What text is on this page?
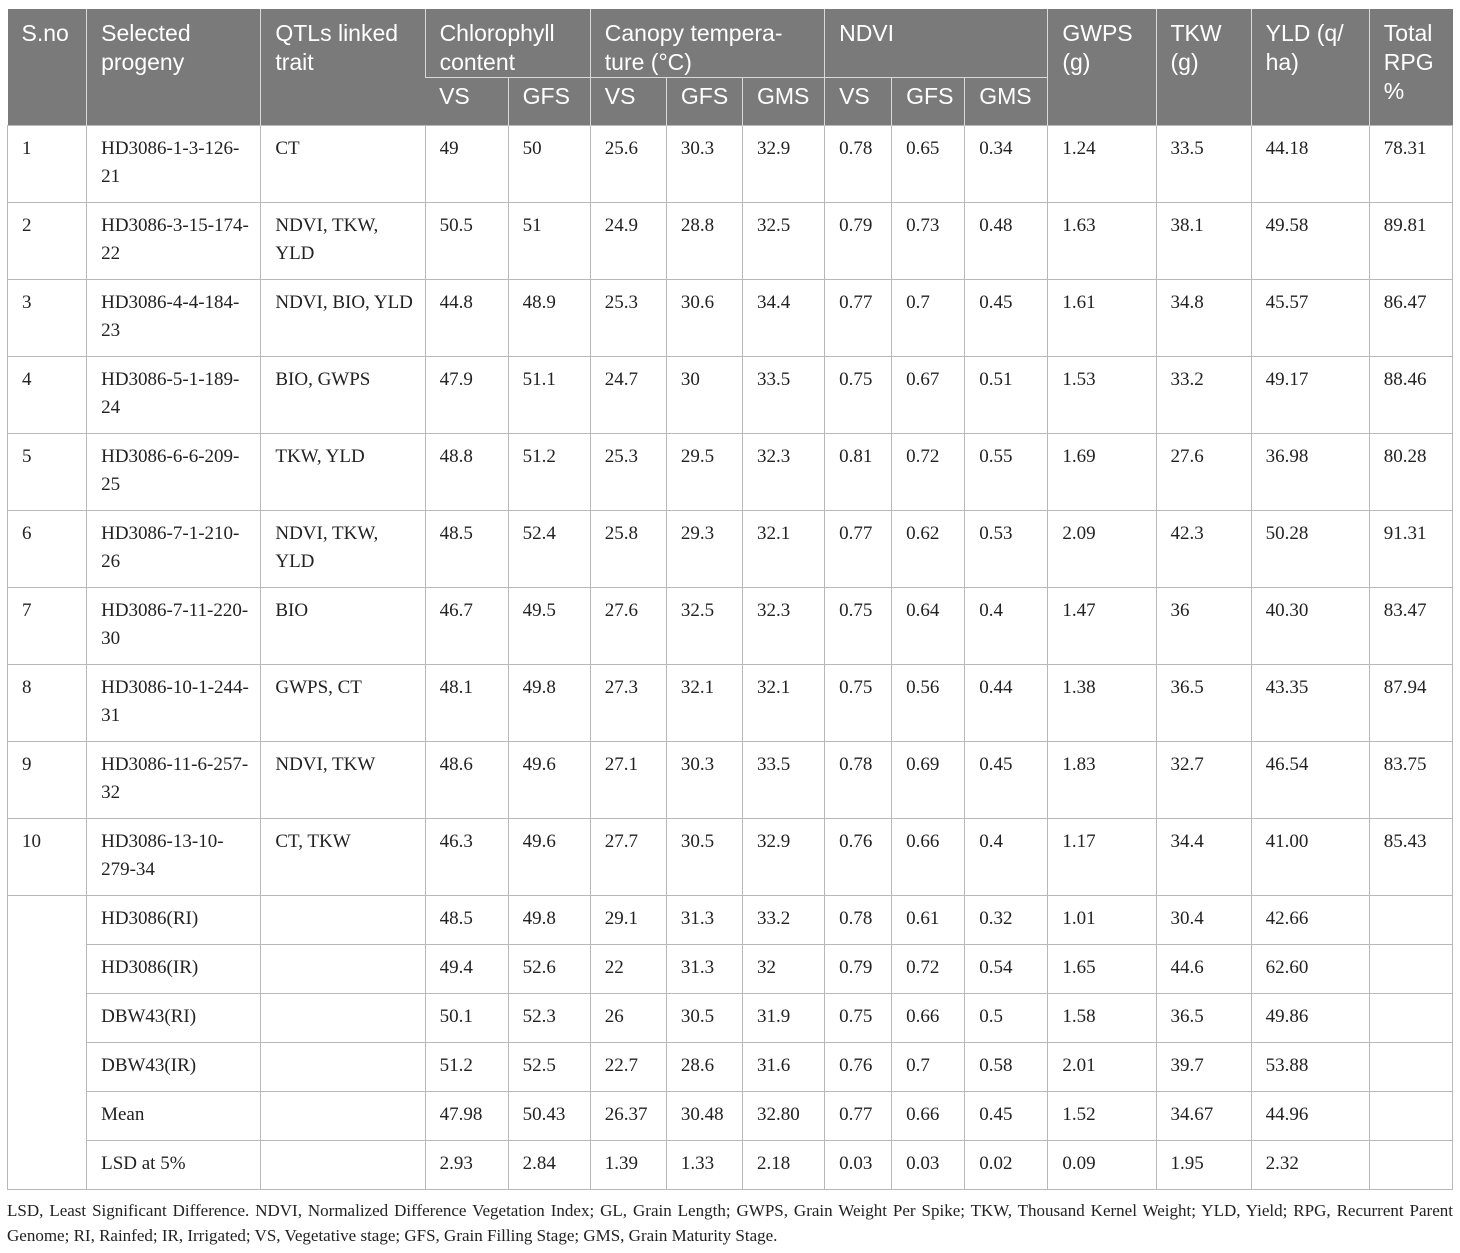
S.no	Selected progeny	QTLs linked trait	Chlorophyll content		Canopy tempera-ture (°C)			NDVI			GWPS (g)	TKW (g)	YLD (q/ ha)	Total RPG %
			VS	GFS	VS	GFS	GMS	VS	GFS	GMS				
1	HD3086-1-3-126-21	CT	49	50	25.6	30.3	32.9	0.78	0.65	0.34	1.24	33.5	44.18	78.31
2	HD3086-3-15-174-22	NDVI, TKW, YLD	50.5	51	24.9	28.8	32.5	0.79	0.73	0.48	1.63	38.1	49.58	89.81
3	HD3086-4-4-184-23	NDVI, BIO, YLD	44.8	48.9	25.3	30.6	34.4	0.77	0.7	0.45	1.61	34.8	45.57	86.47
4	HD3086-5-1-189-24	BIO, GWPS	47.9	51.1	24.7	30	33.5	0.75	0.67	0.51	1.53	33.2	49.17	88.46
5	HD3086-6-6-209-25	TKW, YLD	48.8	51.2	25.3	29.5	32.3	0.81	0.72	0.55	1.69	27.6	36.98	80.28
6	HD3086-7-1-210-26	NDVI, TKW, YLD	48.5	52.4	25.8	29.3	32.1	0.77	0.62	0.53	2.09	42.3	50.28	91.31
7	HD3086-7-11-220-30	BIO	46.7	49.5	27.6	32.5	32.3	0.75	0.64	0.4	1.47	36	40.30	83.47
8	HD3086-10-1-244-31	GWPS, CT	48.1	49.8	27.3	32.1	32.1	0.75	0.56	0.44	1.38	36.5	43.35	87.94
9	HD3086-11-6-257-32	NDVI, TKW	48.6	49.6	27.1	30.3	33.5	0.78	0.69	0.45	1.83	32.7	46.54	83.75
10	HD3086-13-10-279-34	CT, TKW	46.3	49.6	27.7	30.5	32.9	0.76	0.66	0.4	1.17	34.4	41.00	85.43
	HD3086(RI)		48.5	49.8	29.1	31.3	33.2	0.78	0.61	0.32	1.01	30.4	42.66	
	HD3086(IR)		49.4	52.6	22	31.3	32	0.79	0.72	0.54	1.65	44.6	62.60	
	DBW43(RI)		50.1	52.3	26	30.5	31.9	0.75	0.66	0.5	1.58	36.5	49.86	
	DBW43(IR)		51.2	52.5	22.7	28.6	31.6	0.76	0.7	0.58	2.01	39.7	53.88	
	Mean		47.98	50.43	26.37	30.48	32.80	0.77	0.66	0.45	1.52	34.67	44.96	
	LSD at 5%		2.93	2.84	1.39	1.33	2.18	0.03	0.03	0.02	0.09	1.95	2.32	

LSD, Least Significant Difference. NDVI, Normalized Difference Vegetation Index; GL, Grain Length; GWPS, Grain Weight Per Spike; TKW, Thousand Kernel Weight; YLD, Yield; RPG, Recurrent Parent Genome; RI, Rainfed; IR, Irrigated; VS, Vegetative stage; GFS, Grain Filling Stage; GMS, Grain Maturity Stage.
